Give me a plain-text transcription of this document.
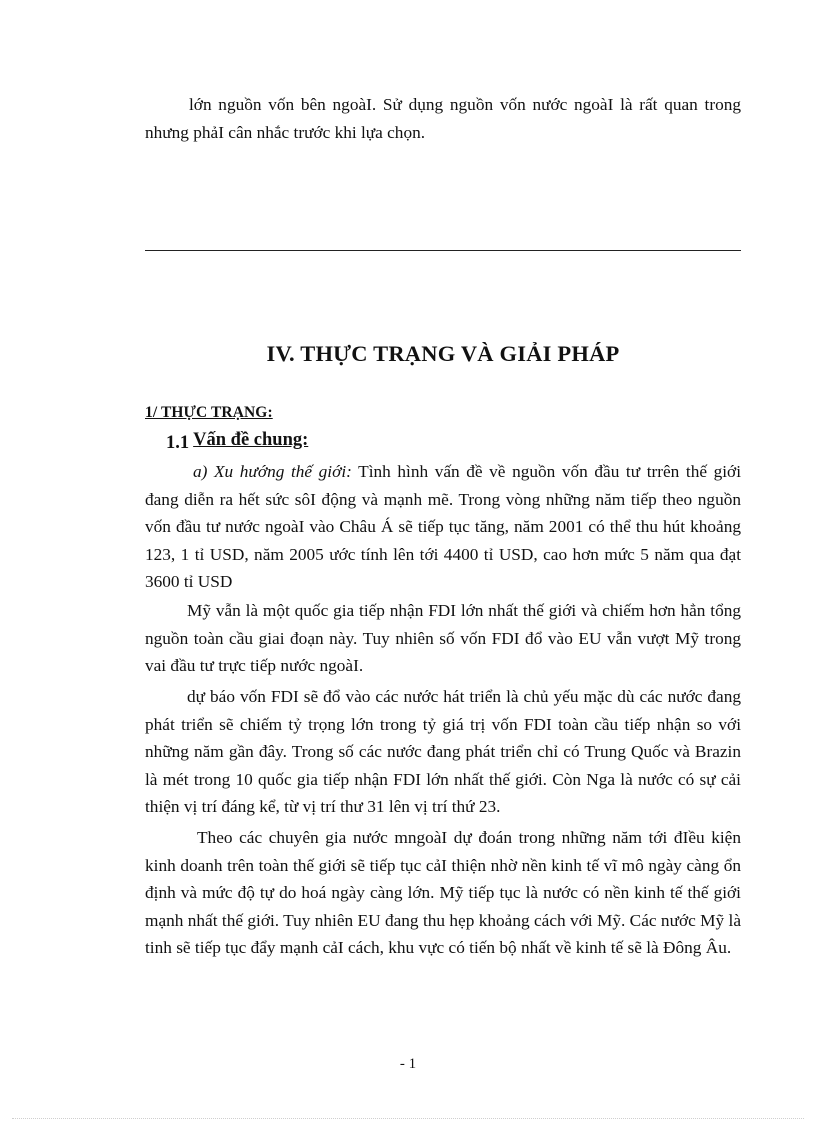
lớn nguồn vốn bên ngoàI. Sử dụng nguồn vốn nước ngoàI là rất quan trong nhưng phảI cân nhắc trước khi lựa chọn.

IV. THỰC TRẠNG VÀ GIẢI PHÁP
1/ THỰC TRẠNG:
1.1 Vấn đề chung:

a) Xu hướng thế giới: Tình hình vấn đề về nguồn vốn đầu tư trrên thế giới đang diễn ra hết sức sôI động và mạnh mẽ. Trong vòng những năm tiếp theo nguồn vốn đầu tư nước ngoàI vào Châu Á sẽ tiếp tục tăng, năm 2001 có thể thu hút khoảng 123, 1 tỉ USD, năm 2005 ước tính lên tới 4400 tỉ USD, cao hơn mức 5 năm qua đạt 3600 tỉ USD

Mỹ vẫn là một quốc gia tiếp nhận FDI lớn nhất thế giới và chiếm hơn hẳn tổng nguồn toàn cầu giai đoạn này. Tuy nhiên số vốn FDI đổ vào EU vẫn vượt Mỹ trong vai đầu tư trực tiếp nước ngoàI.

dự báo vốn FDI sẽ đổ vào các nước hát triển là chủ yếu mặc dù các nước đang phát triển sẽ chiếm tỷ trọng lớn trong tỷ giá trị vốn FDI toàn cầu tiếp nhận so với những năm gần đây. Trong số các nước đang phát triển chỉ có Trung Quốc và Brazin là mét trong 10 quốc gia tiếp nhận FDI lớn nhất thế giới. Còn Nga là nước có sự cải thiện vị trí đáng kể, từ vị trí thư 31 lên vị trí thứ 23.

Theo các chuyên gia nước mngoàI dự đoán trong những năm tới đIều kiện kinh doanh trên toàn thế giới sẽ tiếp tục cảI thiện nhờ nền kinh tế vĩ mô ngày càng ổn định và mức độ tự do hoá ngày càng lớn. Mỹ tiếp tục là nước có nền kinh tế thế giới mạnh nhất thế giới. Tuy nhiên EU đang thu hẹp khoảng cách với Mỹ. Các nước Mỹ là tinh sẽ tiếp tục đẩy mạnh cảI cách, khu vực có tiến bộ nhất về kinh tế sẽ là Đông Âu.

- 1
